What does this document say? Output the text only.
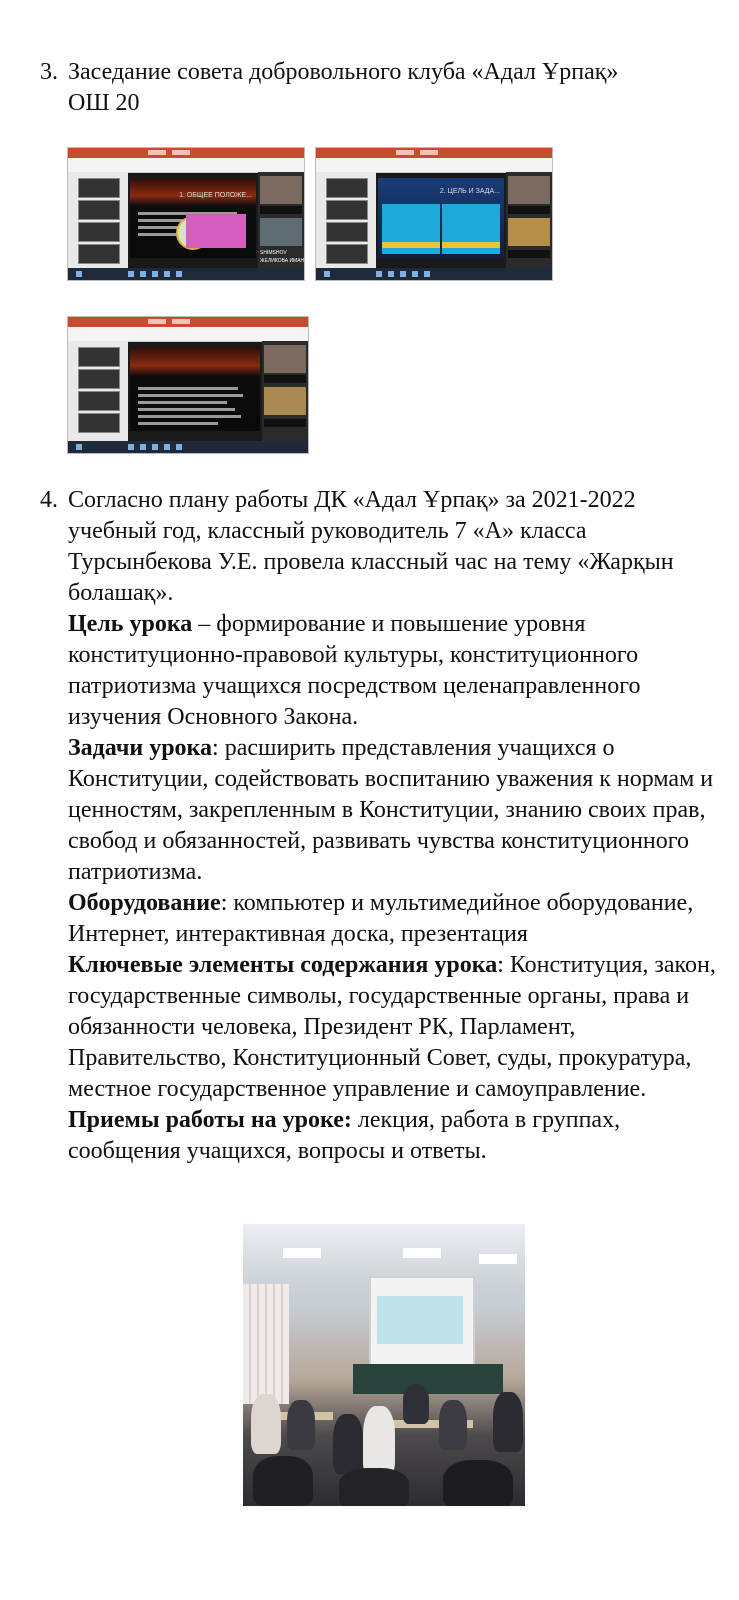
3. Заседание совета добровольного клуба «Адал Ұрпақ»

ОШ 20

1. ОБЩЕЕ ПОЛОЖЕ...
SHIMSHOV
ЖЕЛИКОВА ИМАН
2. ЦЕЛЬ И ЗАДА...
4. Согласно плану работы ДК «Адал Ұрпақ» за 2021-2022 учебный год, классный руководитель 7 «А» класса Турсынбекова У.Е. провела классный час на тему «Жарқын болашақ».

Цель урока – формирование и повышение уровня конституционно-правовой культуры, конституционного патриотизма учащихся посредством целенаправленного изучения Основного Закона.

Задачи урока: расширить представления учащихся о Конституции, содействовать воспитанию уважения к нормам и ценностям, закрепленным в Конституции, знанию своих прав, свобод и обязанностей, развивать чувства конституционного патриотизма.

Оборудование: компьютер и мультимедийное оборудование, Интернет, интерактивная доска, презентация

Ключевые элементы содержания урока: Конституция, закон, государственные символы, государственные органы, права и обязанности человека, Президент РК, Парламент, Правительство, Конституционный Совет, суды, прокуратура, местное государственное управление и самоуправление.

Приемы работы на уроке: лекция, работа в группах, сообщения учащихся, вопросы и ответы.
